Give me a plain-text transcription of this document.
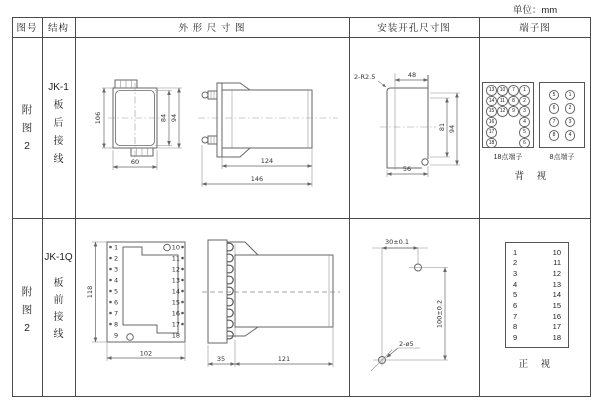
单位：mm
图号	结构	外 形 尺 寸 图	安装开孔尺寸图	端子图
附
图
2
JK-1
板
后
接
线
106	84 94
60	124
146
2-R2.5	48
81 94
56
13	10	7	1
14	11	8	2
15	12	9	3
16	4
17	5
18	6
5	1
6	2
7	3
8	4
18点端子	8点端子
背 视
附
图
2
JK-1Q
板
前
接
线
1
2
3
4
5
6
7
8
9
10
11
12
13
14
15
16
17
18
118
102
35	121
30±0.1
100±0.2
2-ø5
1	10
2	11
3	12
4	13
5	14
6	15
7	16
8	17
9	18
正 视
